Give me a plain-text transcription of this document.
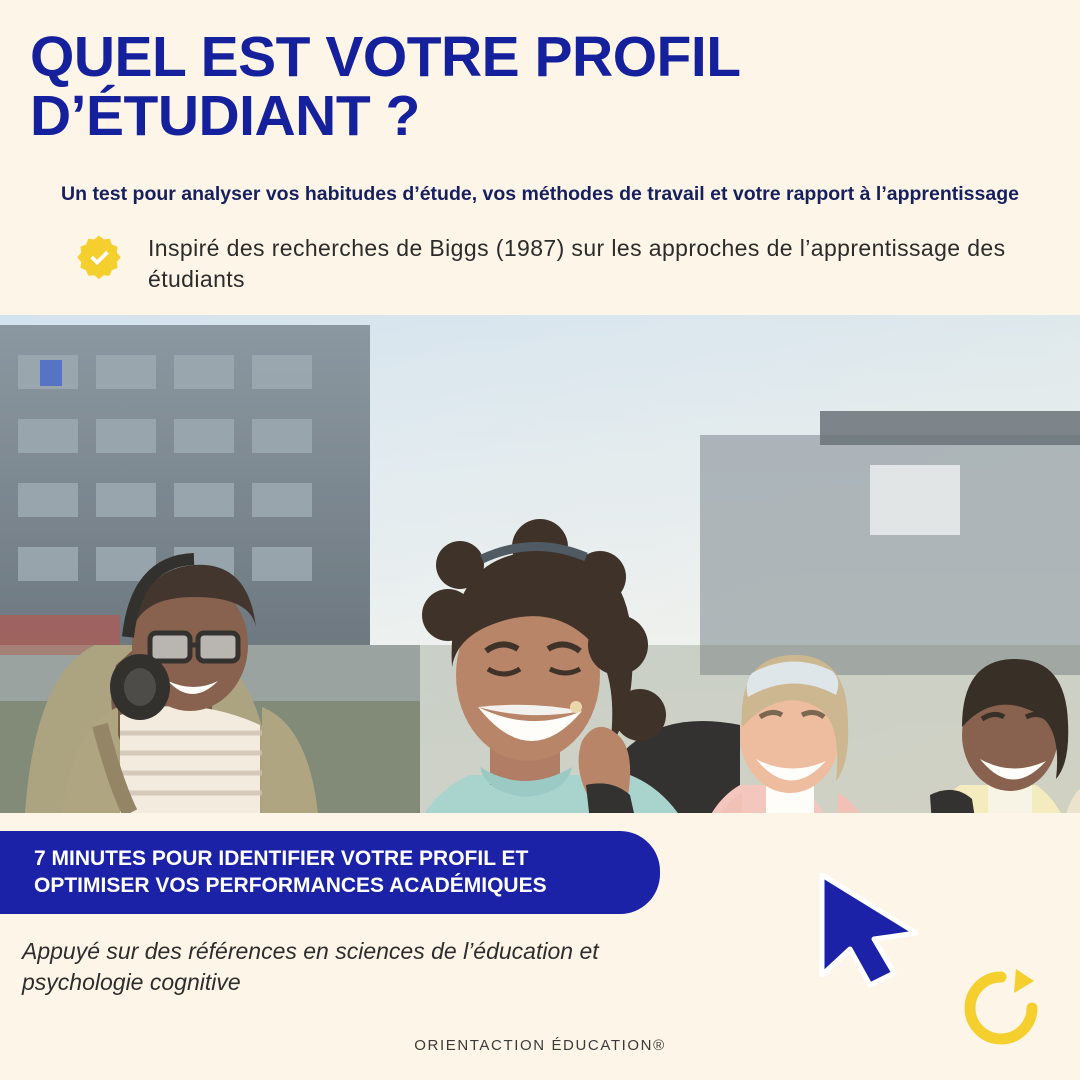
QUEL EST VOTRE PROFIL D’ÉTUDIANT ?

Un test pour analyser vos habitudes d’étude, vos méthodes de travail et votre rapport à l’apprentissage

Inspiré des recherches de Biggs (1987) sur les approches de l’apprentissage des étudiants
7 MINUTES POUR IDENTIFIER VOTRE PROFIL ET OPTIMISER VOS PERFORMANCES ACADÉMIQUES
Appuyé sur des références en sciences de l’éducation et psychologie cognitive
ORIENTACTION ÉDUCATION®
